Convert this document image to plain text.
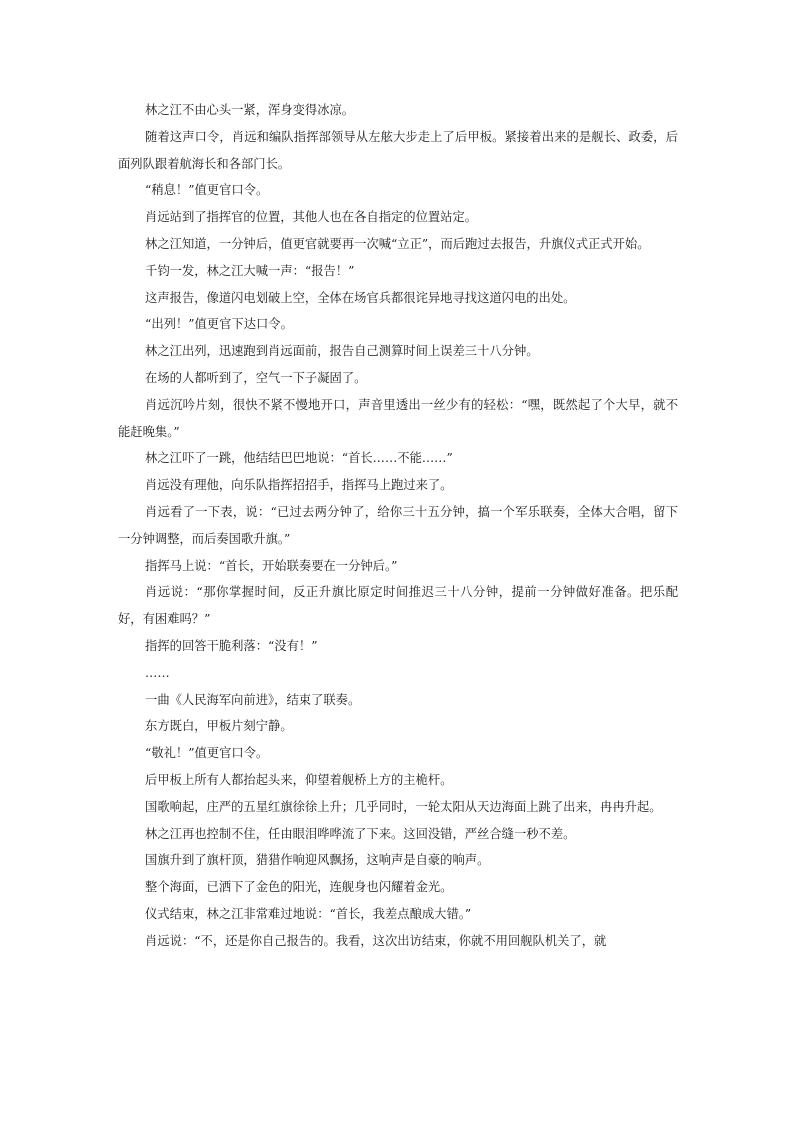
林之江不由心头一紧，浑身变得冰凉。

随着这声口令，肖远和编队指挥部领导从左舷大步走上了后甲板。紧接着出来的是舰长、政委，后面列队跟着航海长和各部门长。

“稍息！”值更官口令。

肖远站到了指挥官的位置，其他人也在各自指定的位置站定。

林之江知道，一分钟后，值更官就要再一次喊“立正”，而后跑过去报告，升旗仪式正式开始。

千钧一发，林之江大喊一声：“报告！”

这声报告，像道闪电划破上空，全体在场官兵都很诧异地寻找这道闪电的出处。

“出列！”值更官下达口令。

林之江出列，迅速跑到肖远面前，报告自己测算时间上误差三十八分钟。

在场的人都听到了，空气一下子凝固了。

肖远沉吟片刻，很快不紧不慢地开口，声音里透出一丝少有的轻松：“嘿，既然起了个大早，就不能赶晚集。”

林之江吓了一跳，他结结巴巴地说：“首长……不能……”

肖远没有理他，向乐队指挥招招手，指挥马上跑过来了。

肖远看了一下表，说：“已过去两分钟了，给你三十五分钟，搞一个军乐联奏，全体大合唱，留下一分钟调整，而后奏国歌升旗。”

指挥马上说：“首长，开始联奏要在一分钟后。”

肖远说：“那你掌握时间，反正升旗比原定时间推迟三十八分钟，提前一分钟做好准备。把乐配好，有困难吗？”

指挥的回答干脆利落：“没有！”

……

一曲《人民海军向前进》，结束了联奏。

东方既白，甲板片刻宁静。

“敬礼！”值更官口令。

后甲板上所有人都抬起头来，仰望着舰桥上方的主桅杆。

国歌响起，庄严的五星红旗徐徐上升；几乎同时，一轮太阳从天边海面上跳了出来，冉冉升起。

林之江再也控制不住，任由眼泪哗哗流了下来。这回没错，严丝合缝一秒不差。

国旗升到了旗杆顶，猎猎作响迎风飘扬，这响声是自豪的响声。

整个海面，已洒下了金色的阳光，连舰身也闪耀着金光。

仪式结束，林之江非常难过地说：“首长，我差点酿成大错。”

肖远说：“不，还是你自己报告的。我看，这次出访结束，你就不用回舰队机关了，就
